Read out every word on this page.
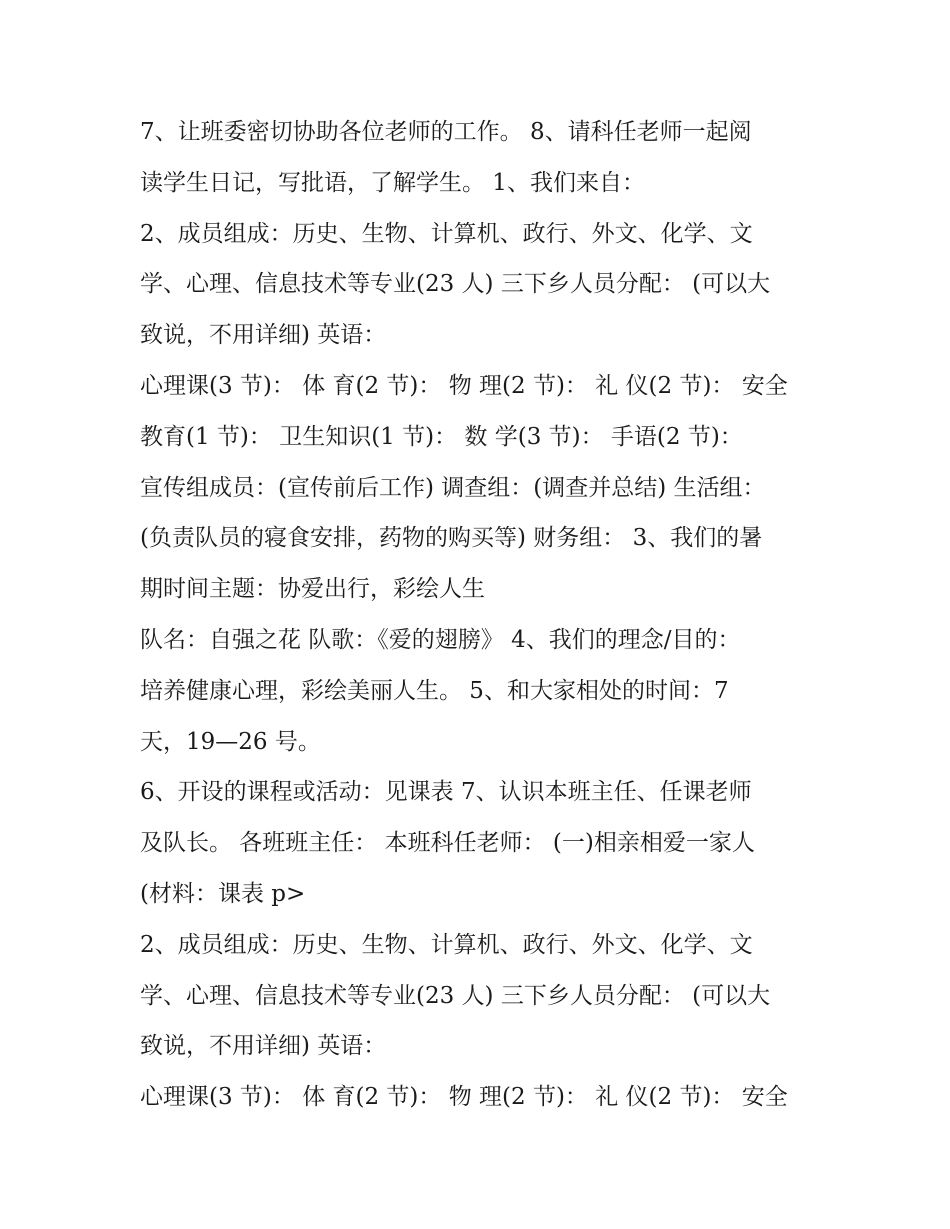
7、让班委密切协助各位老师的工作。 8、请科任老师一起阅
读学生日记，写批语，了解学生。 1、我们来自：
2、成员组成：历史、生物、计算机、政行、外文、化学、文
学、心理、信息技术等专业(23 人) 三下乡人员分配： (可以大
致说，不用详细) 英语：
心理课(3 节)： 体 育(2 节)： 物 理(2 节)： 礼 仪(2 节)： 安全
教育(1 节)： 卫生知识(1 节)： 数 学(3 节)： 手语(2 节)：
宣传组成员：(宣传前后工作) 调查组：(调查并总结) 生活组：
(负责队员的寝食安排，药物的购买等) 财务组： 3、我们的暑
期时间主题：协爱出行，彩绘人生
队名：自强之花 队歌：《爱的翅膀》 4、我们的理念/目的：
培养健康心理，彩绘美丽人生。 5、和大家相处的时间：7
天，19—26 号。
6、开设的课程或活动：见课表 7、认识本班主任、任课老师
及队长。 各班班主任： 本班科任老师： (一)相亲相爱一家人
(材料：课表 p>
2、成员组成：历史、生物、计算机、政行、外文、化学、文
学、心理、信息技术等专业(23 人) 三下乡人员分配： (可以大
致说，不用详细) 英语：
心理课(3 节)： 体 育(2 节)： 物 理(2 节)： 礼 仪(2 节)： 安全
